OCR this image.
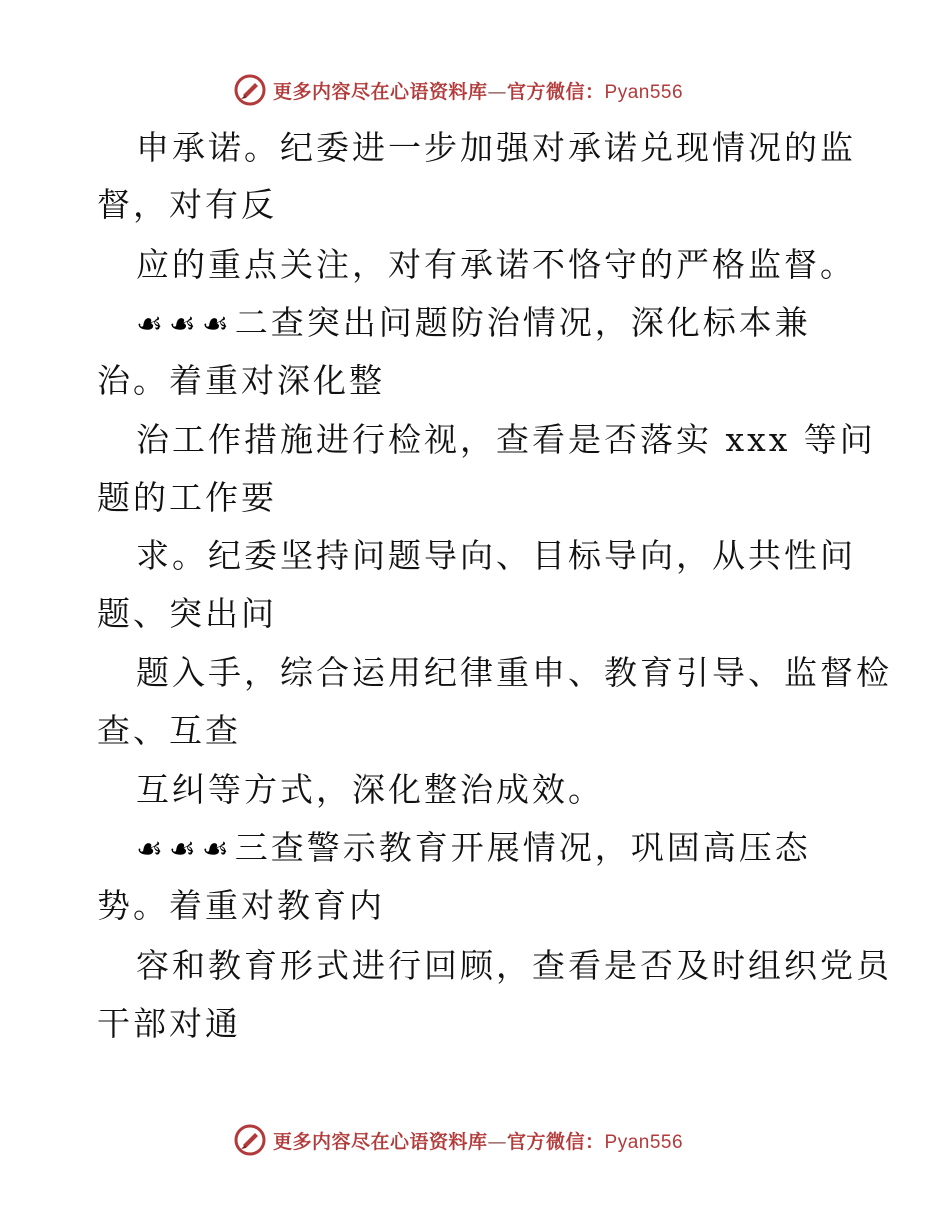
更多内容尽在心语资料库—官方微信：Pyan556
申承诺。纪委进一步加强对承诺兑现情况的监
督，对有反
应的重点关注，对有承诺不恪守的严格监督。
☙ ☙ ☙ 二查突出问题防治情况，深化标本兼
治。着重对深化整
治工作措施进行检视，查看是否落实 xxx 等问
题的工作要
求。纪委坚持问题导向、目标导向，从共性问
题、突出问
题入手，综合运用纪律重申、教育引导、监督检
查、互查
互纠等方式，深化整治成效。
☙ ☙ ☙ 三查警示教育开展情况，巩固高压态
势。着重对教育内
容和教育形式进行回顾，查看是否及时组织党员
干部对通
更多内容尽在心语资料库—官方微信：Pyan556
